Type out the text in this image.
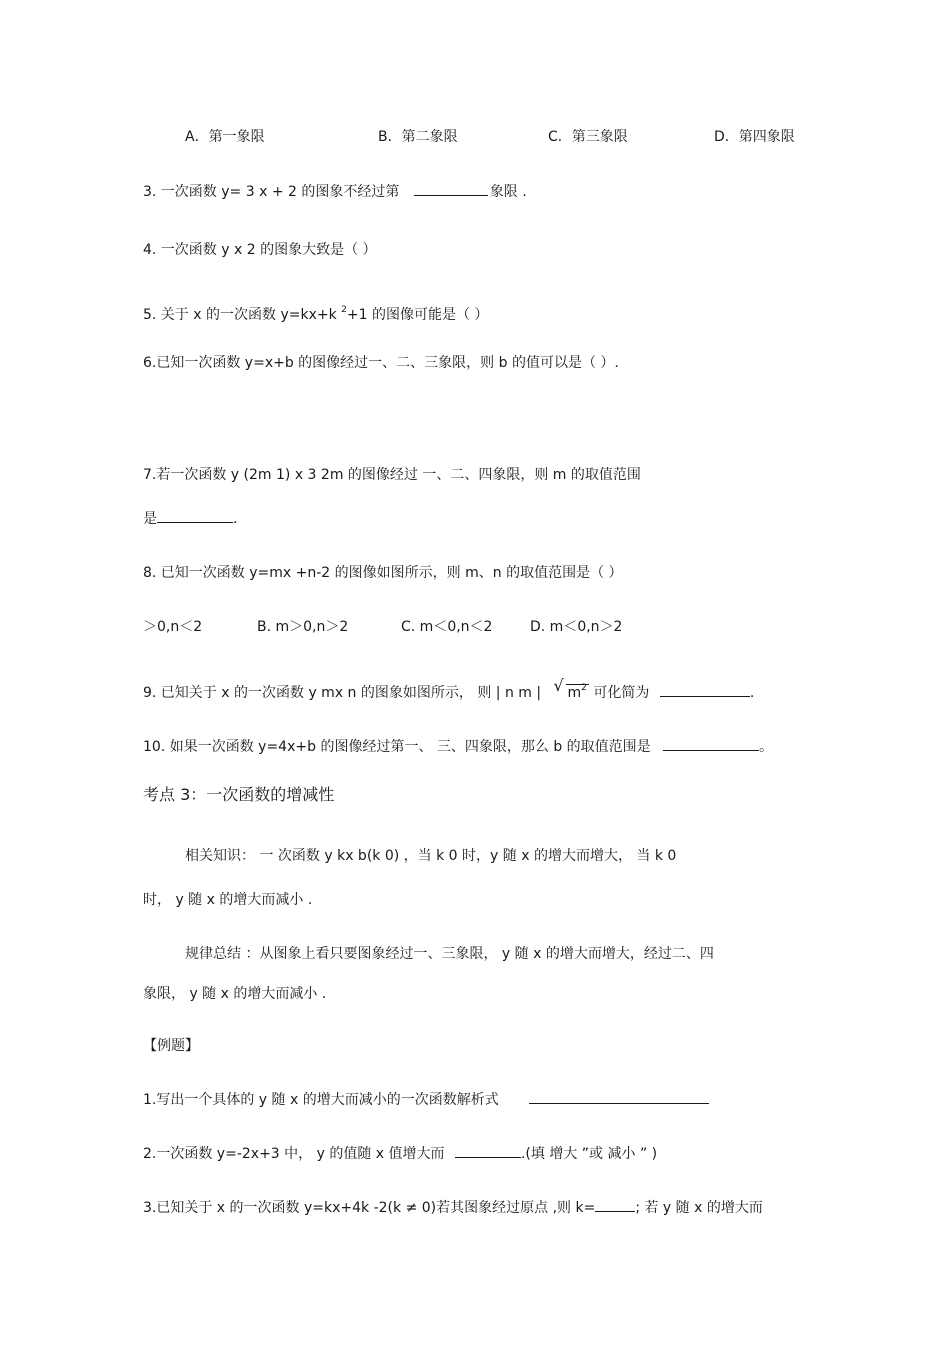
A．第一象限	B．第二象限	C．第三象限	D．第四象限
3. 一次函数 y= 3 x + 2 的图象不经过第	象限 .
4. 一次函数 y x 2 的图象大致是（ ）
5. 关于 x 的一次函数 y=kx+k $^2$+1 的图像可能是（ ）
6.已知一次函数 y=x+b 的图像经过一、二、三象限，则 b 的值可以是（ ）.
7.若一次函数 y (2m 1) x 3 2m 的图像经过 一、二、四象限，则 m 的取值范围
是	.
8. 已知一次函数 y=mx +n-2 的图像如图所示，则 m、n 的取值范围是（ ）
＞0,n＜2	B. m＞0,n＞2	C. m＜0,n＜2	D. m＜0,n＞2
9. 已知关于 x 的一次函数 y mx n 的图象如图所示， 则 | n m | √ $m^2$ 可化简为	.
10. 如果一次函数 y=4x+b 的图像经过第一、 三、四象限，那么 b 的取值范围是	。
考点 3：一次函数的增减性
相关知识： 一 次函数 y kx b(k 0) ，当 k 0 时，y 随 x 的增大而增大， 当 k 0
时， y 随 x 的增大而减小 .
规律总结 ：从图象上看只要图象经过一、三象限， y 随 x 的增大而增大，经过二、四
象限， y 随 x 的增大而减小 .
【例题】
1.写出一个具体的 y 随 x 的增大而减小的一次函数解析式
2.一次函数 y=-2x+3 中， y 的值随 x 值增大而	.(填 增大 ”或 减小 ” )
3.已知关于 x 的一次函数 y=kx+4k -2(k ≠ 0)若其图象经过原点 ,则 k=	; 若 y 随 x 的增大而
